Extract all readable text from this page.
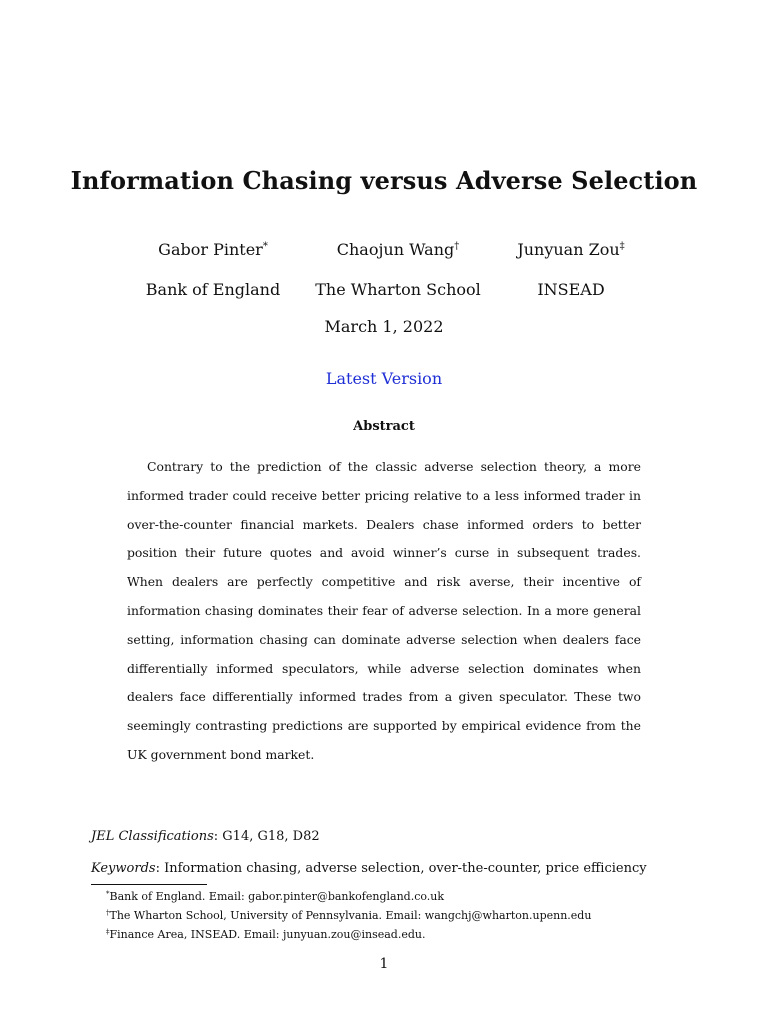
Information Chasing versus Adverse Selection
Gabor Pinter*
Bank of England
Chaojun Wang†
The Wharton School
Junyuan Zou‡
INSEAD
March 1, 2022
Latest Version
Abstract

Contrary to the prediction of the classic adverse selection theory, a more informed trader could receive better pricing relative to a less informed trader in over-the-counter financial markets. Dealers chase informed orders to better position their future quotes and avoid winner’s curse in subsequent trades. When dealers are perfectly competitive and risk averse, their incentive of information chasing dominates their fear of adverse selection. In a more general setting, information chasing can dominate adverse selection when dealers face differentially informed speculators, while adverse selection dominates when dealers face differentially informed trades from a given speculator. These two seemingly contrasting predictions are supported by empirical evidence from the UK government bond market.

JEL Classifications: G14, G18, D82
Keywords: Information chasing, adverse selection, over-the-counter, price efficiency
*Bank of England. Email: gabor.pinter@bankofengland.co.uk
†The Wharton School, University of Pennsylvania. Email: wangchj@wharton.upenn.edu
‡Finance Area, INSEAD. Email: junyuan.zou@insead.edu.
1
